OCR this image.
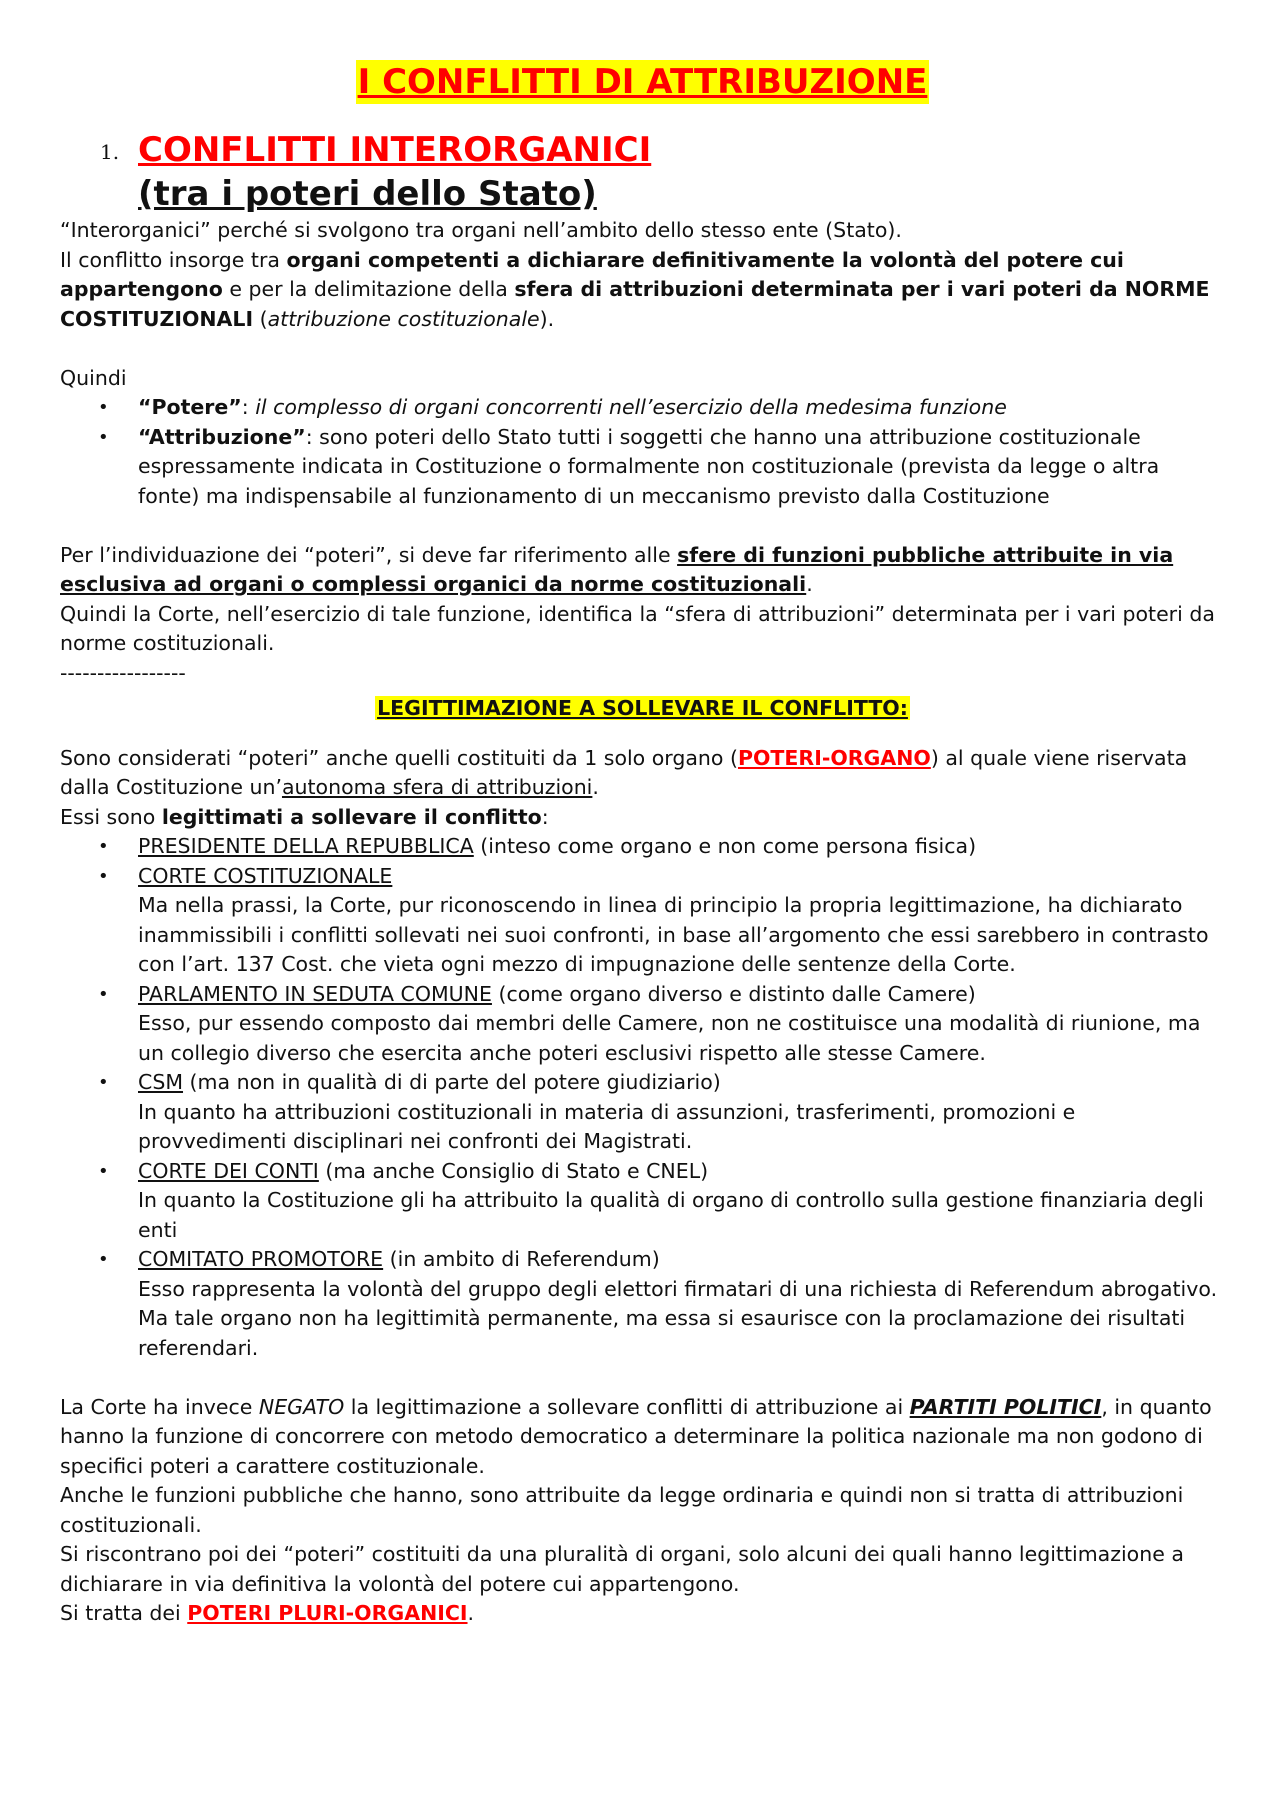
I CONFLITTI DI ATTRIBUZIONE
1. CONFLITTI INTERORGANICI
(tra i poteri dello Stato)

“Interorganici” perché si svolgono tra organi nell’ambito dello stesso ente (Stato).

Il conflitto insorge tra organi competenti a dichiarare definitivamente la volontà del potere cui appartengono e per la delimitazione della sfera di attribuzioni determinata per i vari poteri da NORME COSTITUZIONALI (attribuzione costituzionale).

Quindi

• “Potere”: il complesso di organi concorrenti nell’esercizio della medesima funzione
• “Attribuzione”: sono poteri dello Stato tutti i soggetti che hanno una attribuzione costituzionale espressamente indicata in Costituzione o formalmente non costituzionale (prevista da legge o altra fonte) ma indispensabile al funzionamento di un meccanismo previsto dalla Costituzione

Per l’individuazione dei “poteri”, si deve far riferimento alle sfere di funzioni pubbliche attribuite in via esclusiva ad organi o complessi organici da norme costituzionali.

Quindi la Corte, nell’esercizio di tale funzione, identifica la “sfera di attribuzioni” determinata per i vari poteri da norme costituzionali.

-----------------

LEGITTIMAZIONE A SOLLEVARE IL CONFLITTO:

Sono considerati “poteri” anche quelli costituiti da 1 solo organo (POTERI-ORGANO) al quale viene riservata dalla Costituzione un’autonoma sfera di attribuzioni.

Essi sono legittimati a sollevare il conflitto:

• PRESIDENTE DELLA REPUBBLICA (inteso come organo e non come persona fisica)
• CORTE COSTITUZIONALE
Ma nella prassi, la Corte, pur riconoscendo in linea di principio la propria legittimazione, ha dichiarato inammissibili i conflitti sollevati nei suoi confronti, in base all’argomento che essi sarebbero in contrasto con l’art. 137 Cost. che vieta ogni mezzo di impugnazione delle sentenze della Corte.
• PARLAMENTO IN SEDUTA COMUNE (come organo diverso e distinto dalle Camere)
Esso, pur essendo composto dai membri delle Camere, non ne costituisce una modalità di riunione, ma un collegio diverso che esercita anche poteri esclusivi rispetto alle stesse Camere.
• CSM (ma non in qualità di di parte del potere giudiziario)
In quanto ha attribuzioni costituzionali in materia di assunzioni, trasferimenti, promozioni e provvedimenti disciplinari nei confronti dei Magistrati.
• CORTE DEI CONTI (ma anche Consiglio di Stato e CNEL)
In quanto la Costituzione gli ha attribuito la qualità di organo di controllo sulla gestione finanziaria degli enti
• COMITATO PROMOTORE (in ambito di Referendum)
Esso rappresenta la volontà del gruppo degli elettori firmatari di una richiesta di Referendum abrogativo.
Ma tale organo non ha legittimità permanente, ma essa si esaurisce con la proclamazione dei risultati referendari.

La Corte ha invece NEGATO la legittimazione a sollevare conflitti di attribuzione ai PARTITI POLITICI, in quanto hanno la funzione di concorrere con metodo democratico a determinare la politica nazionale ma non godono di specifici poteri a carattere costituzionale.

Anche le funzioni pubbliche che hanno, sono attribuite da legge ordinaria e quindi non si tratta di attribuzioni costituzionali.

Si riscontrano poi dei “poteri” costituiti da una pluralità di organi, solo alcuni dei quali hanno legittimazione a dichiarare in via definitiva la volontà del potere cui appartengono.

Si tratta dei POTERI PLURI-ORGANICI.
